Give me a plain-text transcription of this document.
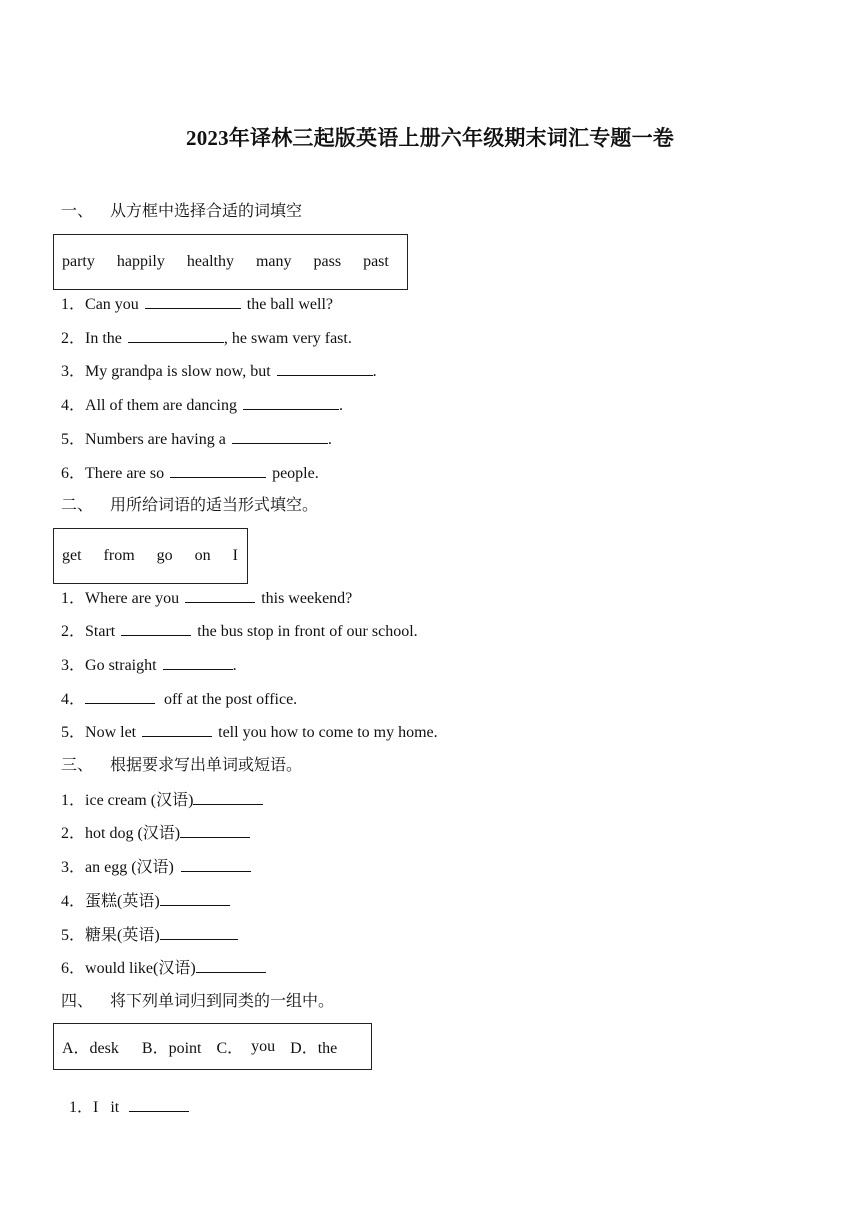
2023年译林三起版英语上册六年级期末词汇专题一卷
一、 从方框中选择合适的词填空
party happily healthy many pass past
1．Can you	the ball well?
2．In the	, he swam very fast.
3．My grandpa is slow now, but	.
4．All of them are dancing	.
5．Numbers are having a	.
6．There are so	people.
二、 用所给词语的适当形式填空。
get from go on I
1．Where are you	this weekend?
2．Start	the bus stop in front of our school.
3．Go straight	.
4．	off at the post office.
5．Now let	tell you how to come to my home.
三、 根据要求写出单词或短语。
1．ice cream (汉语)
2．hot dog (汉语)
3．an egg (汉语)
4．蛋糕(英语)
5．糖果(英语)
6．would like(汉语)
四、 将下列单词归到同类的一组中。
A．desk B．point C． you D．the

1．I   it
